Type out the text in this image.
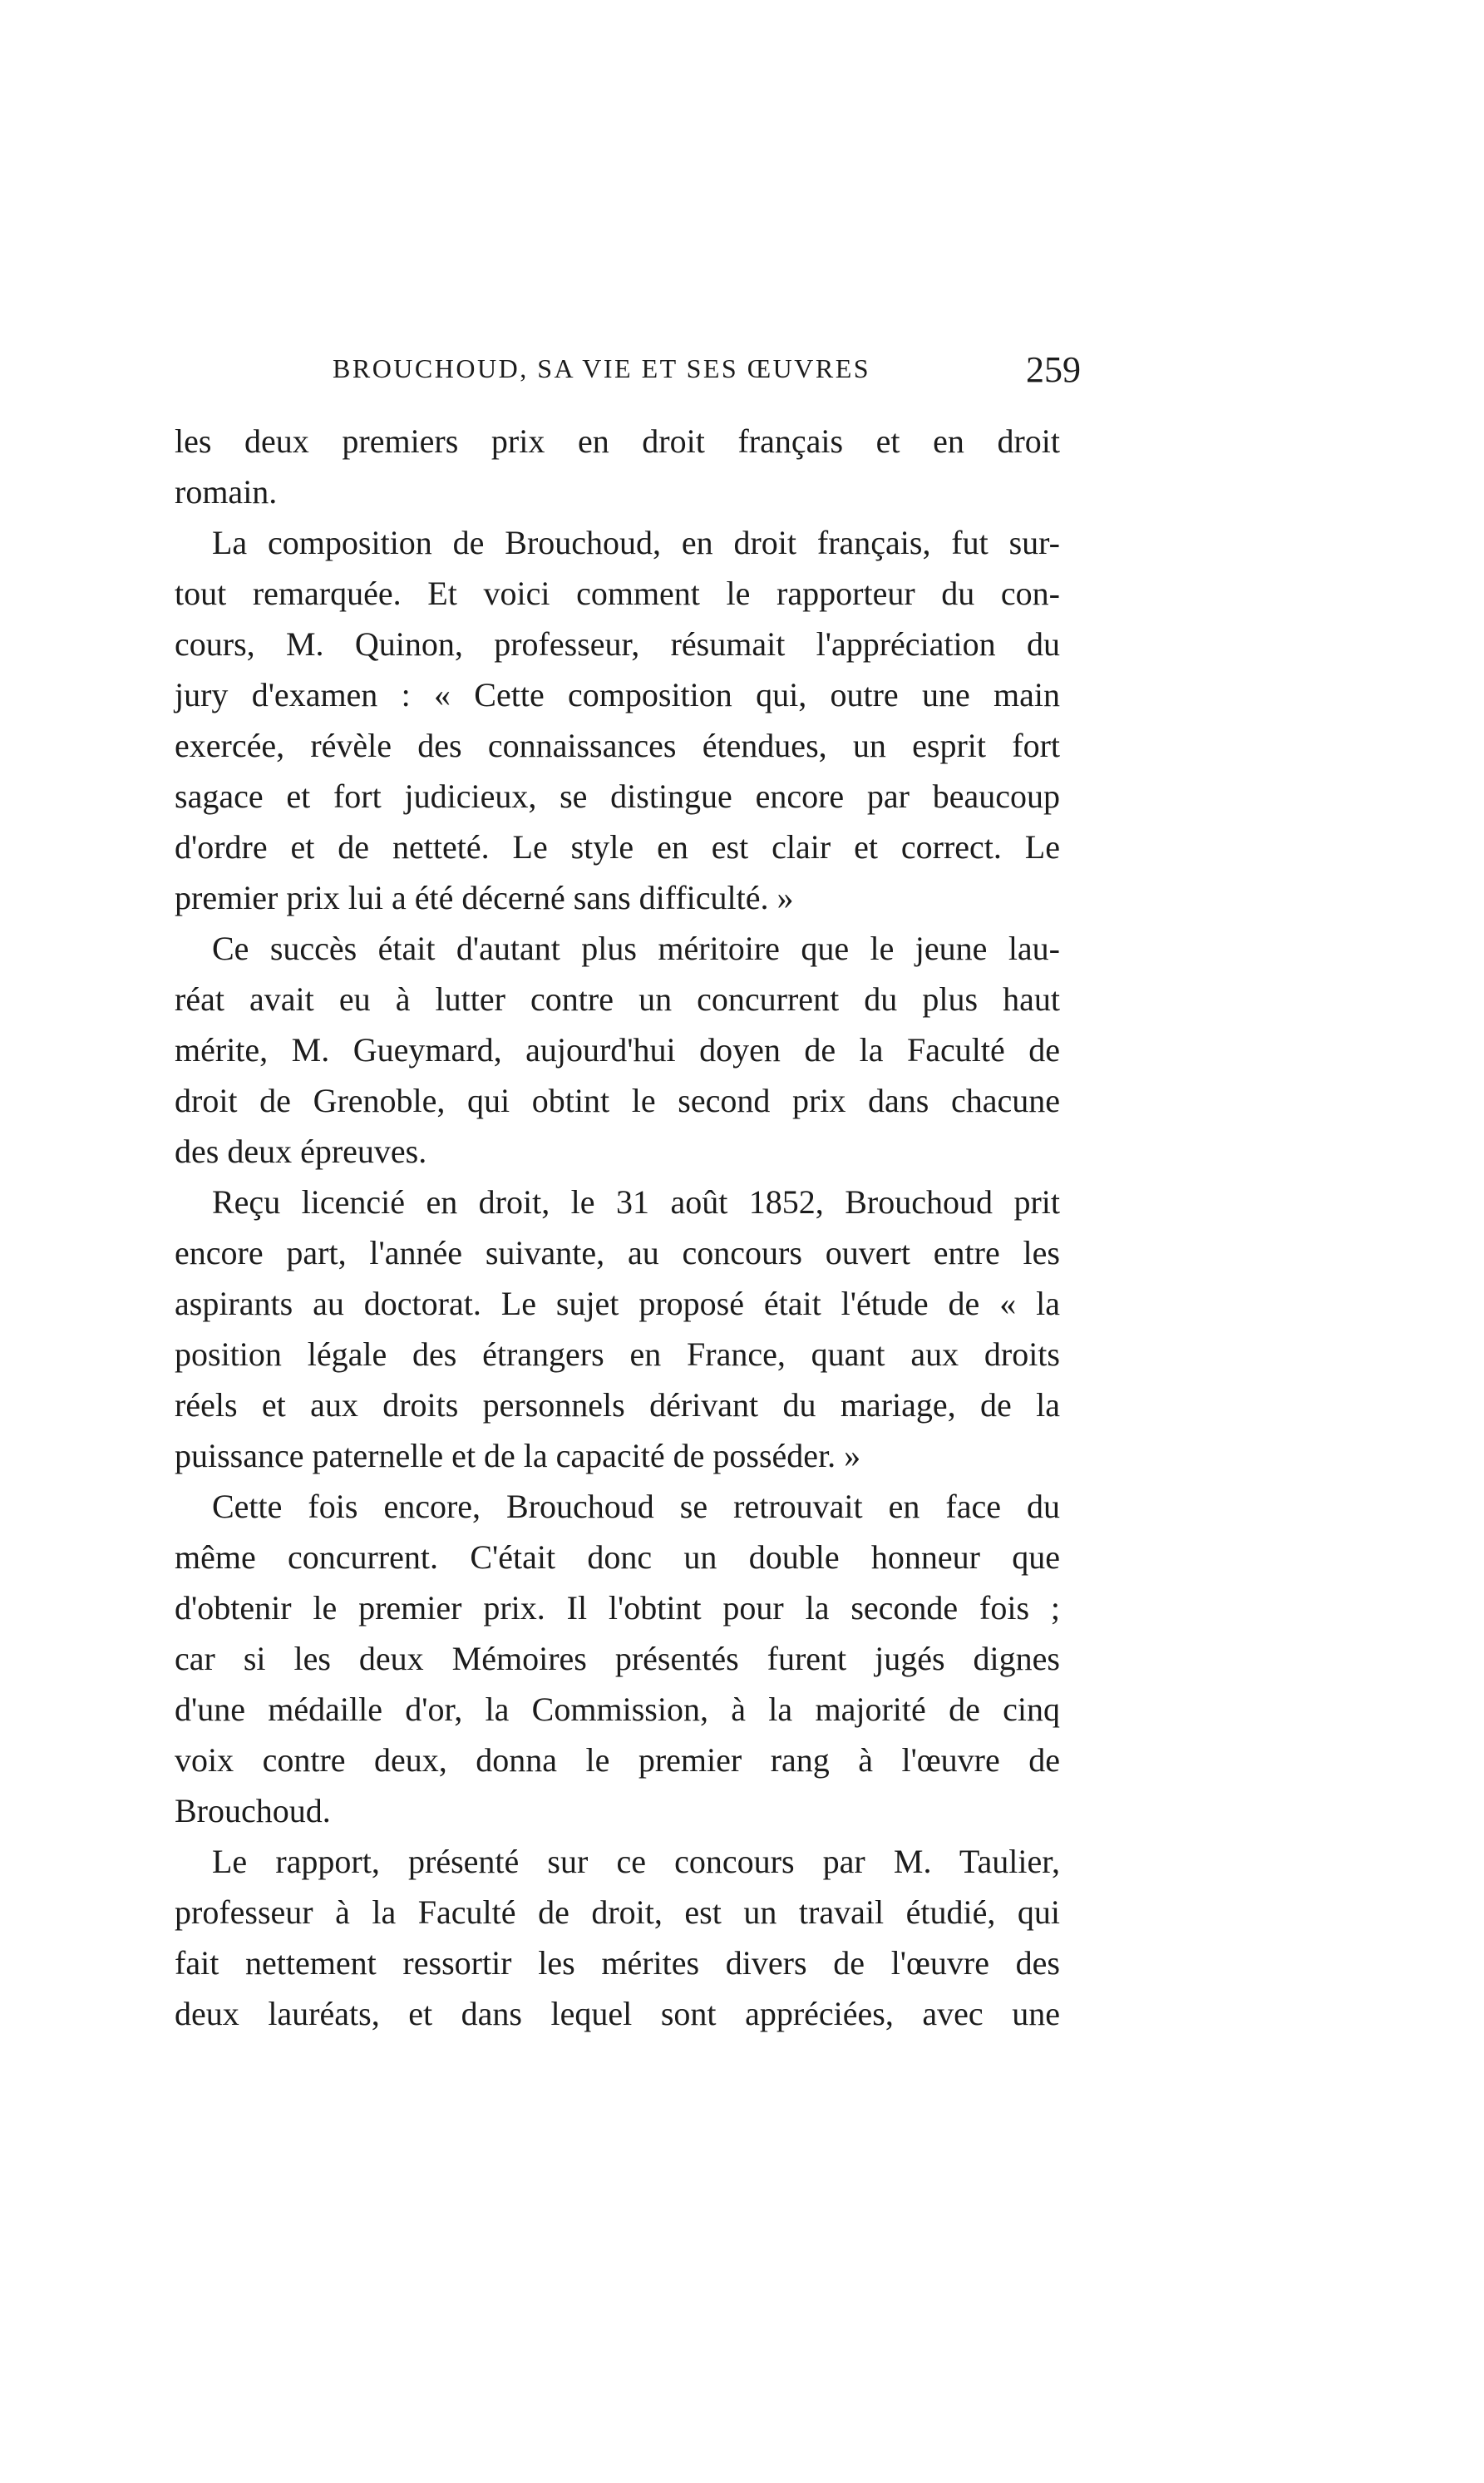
BROUCHOUD, SA VIE ET SES ŒUVRES	259
les deux premiers prix en droit français et en droit
romain.
La composition de Brouchoud, en droit français, fut sur-
tout remarquée. Et voici comment le rapporteur du con-
cours, M. Quinon, professeur, résumait l'appréciation du
jury d'examen : « Cette composition qui, outre une main
exercée, révèle des connaissances étendues, un esprit fort
sagace et fort judicieux, se distingue encore par beaucoup
d'ordre et de netteté. Le style en est clair et correct. Le
premier prix lui a été décerné sans difficulté. »
Ce succès était d'autant plus méritoire que le jeune lau-
réat avait eu à lutter contre un concurrent du plus haut
mérite, M. Gueymard, aujourd'hui doyen de la Faculté de
droit de Grenoble, qui obtint le second prix dans chacune
des deux épreuves.
Reçu licencié en droit, le 31 août 1852, Brouchoud prit
encore part, l'année suivante, au concours ouvert entre les
aspirants au doctorat. Le sujet proposé était l'étude de « la
position légale des étrangers en France, quant aux droits
réels et aux droits personnels dérivant du mariage, de la
puissance paternelle et de la capacité de posséder. »
Cette fois encore, Brouchoud se retrouvait en face du
même concurrent. C'était donc un double honneur que
d'obtenir le premier prix. Il l'obtint pour la seconde fois ;
car si les deux Mémoires présentés furent jugés dignes
d'une médaille d'or, la Commission, à la majorité de cinq
voix contre deux, donna le premier rang à l'œuvre de
Brouchoud.
Le rapport, présenté sur ce concours par M. Taulier,
professeur à la Faculté de droit, est un travail étudié, qui
fait nettement ressortir les mérites divers de l'œuvre des
deux lauréats, et dans lequel sont appréciées, avec une
